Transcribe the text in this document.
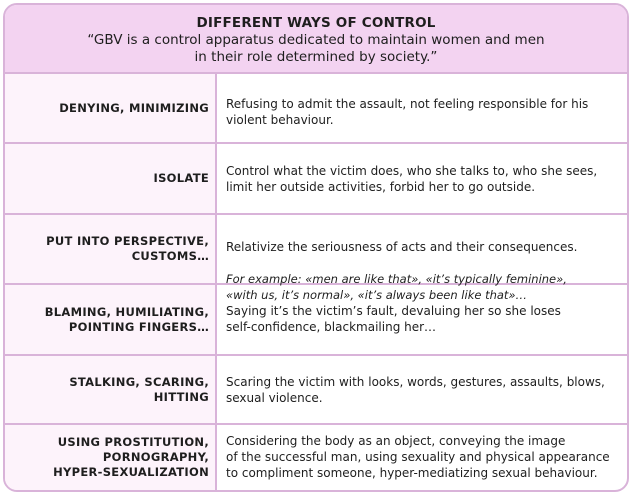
DIFFERENT WAYS OF CONTROL
“GBV is a control apparatus dedicated to maintain women and men
in their role determined by society.”
DENYING, MINIMIZING	Refusing to admit the assault, not feeling responsible for his
violent behaviour.
ISOLATE	Control what the victim does, who she talks to, who she sees,
limit her outside activities, forbid her to go outside.
PUT INTO PERSPECTIVE,
CUSTOMS…

Relativize the seriousness of acts and their consequences.

For example: «men are like that», «it’s typically feminine»,
«with us, it’s normal», «it’s always been like that»…

BLAMING, HUMILIATING,
POINTING FINGERS…
Saying it’s the victim’s fault, devaluing her so she loses
self-confidence, blackmailing her…
STALKING, SCARING, HITTING
Scaring the victim with looks, words, gestures, assaults, blows,
sexual violence.
USING PROSTITUTION,
PORNOGRAPHY,
HYPER-SEXUALIZATION
Considering the body as an object, conveying the image
of the successful man, using sexuality and physical appearance
to compliment someone, hyper-mediatizing sexual behaviour.
